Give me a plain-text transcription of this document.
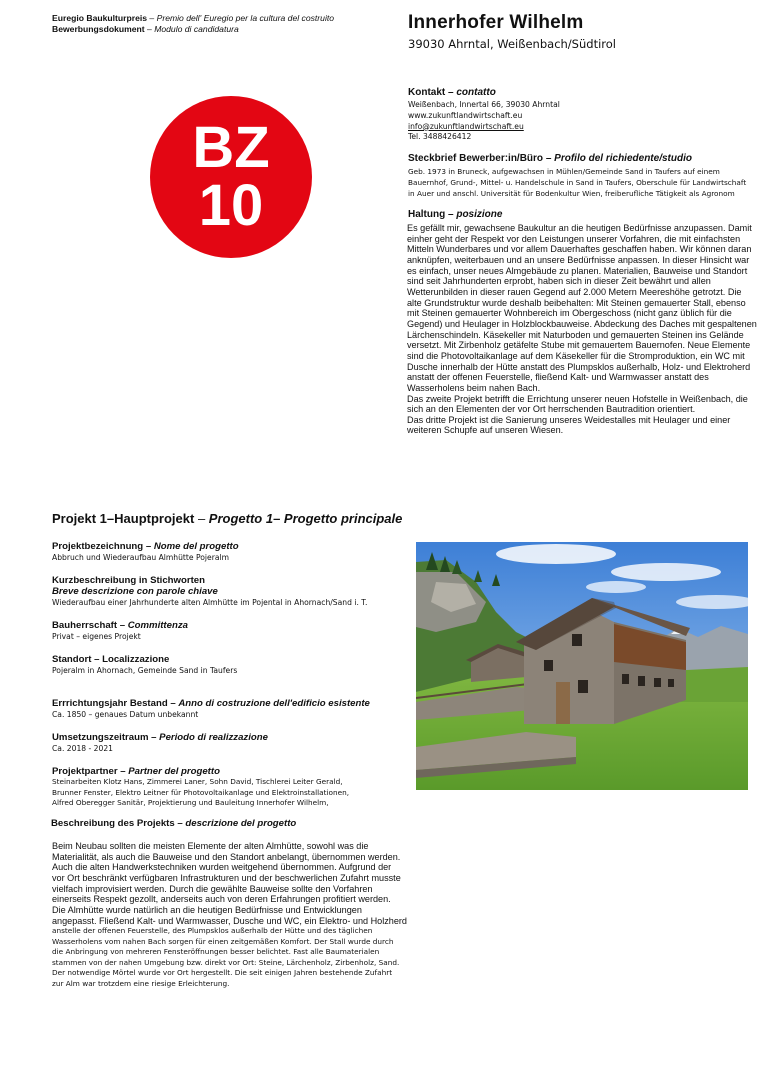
Euregio Baukulturpreis – Premio dell' Euregio per la cultura del costruito
Bewerbungsdokument – Modulo di candidatura	Innerhofer Wilhelm
39030 Ahrntal, Weißenbach/Südtirol
BZ
10
Kontakt – contatto
Weißenbach, Innertal 66, 39030 Ahrntal
www.zukunftlandwirtschaft.eu
info@zukunftlandwirtschaft.eu
Tel. 3488426412
Steckbrief Bewerber:in/Büro – Profilo del richiedente/studio
Geb. 1973 in Bruneck, aufgewachsen in Mühlen/Gemeinde Sand in Taufers auf einem
Bauernhof, Grund-, Mittel- u. Handelschule in Sand in Taufers, Oberschule für Landwirtschaft
in Auer und anschl. Universität für Bodenkultur Wien, freiberufliche Tätigkeit als Agronom
Haltung – posizione
Es gefällt mir, gewachsene Baukultur an die heutigen Bedürfnisse anzupassen. Damit
einher geht der Respekt vor den Leistungen unserer Vorfahren, die mit einfachsten
Mitteln Wunderbares und vor allem Dauerhaftes geschaffen haben. Wir können daran
anknüpfen, weiterbauen und an unsere Bedürfnisse anpassen. In dieser Hinsicht war
es einfach, unser neues Almgebäude zu planen. Materialien, Bauweise und Standort
sind seit Jahrhunderten erprobt, haben sich in dieser Zeit bewährt und allen
Wetterunbilden in dieser rauen Gegend auf 2.000 Metern Meereshöhe getrotzt. Die
alte Grundstruktur wurde deshalb beibehalten: Mit Steinen gemauerter Stall, ebenso
mit Steinen gemauerter Wohnbereich im Obergeschoss (nicht ganz üblich für die
Gegend) und Heulager in Holzblockbauweise. Abdeckung des Daches mit gespaltenen
Lärchenschindeln. Käsekeller mit Naturboden und gemauerten Steinen ins Gelände
versetzt. Mit Zirbenholz getäfelte Stube mit gemauertem Bauernofen. Neue Elemente
sind die Photovoltaikanlage auf dem Käsekeller für die Stromproduktion, ein WC mit
Dusche innerhalb der Hütte anstatt des Plumpsklos außerhalb, Holz- und Elektroherd
anstatt der offenen Feuerstelle, fließend Kalt- und Warmwasser anstatt des
Wasserholens beim nahen Bach.
Das zweite Projekt betrifft die Errichtung unserer neuen Hofstelle in Weißenbach, die
sich an den Elementen der vor Ort herrschenden Bautradition orientiert.
Das dritte Projekt ist die Sanierung unseres Weidestalles mit Heulager und einer
weiteren Schupfe auf unseren Wiesen.
Projekt 1–Hauptprojekt – Progetto 1– Progetto principale
Projektbezeichnung – Nome del progetto
Abbruch und Wiederaufbau Almhütte Pojeralm
Kurzbeschreibung in Stichworten
Breve descrizione con parole chiave
Wiederaufbau einer Jahrhunderte alten Almhütte im Pojental in Ahornach/Sand i. T.
Bauherrschaft – Committenza
Privat – eigenes Projekt
Standort – Localizzazione
Pojeralm in Ahornach, Gemeinde Sand in Taufers
Errrichtungsjahr Bestand – Anno di costruzione dell'edificio esistente
Ca. 1850 – genaues Datum unbekannt
Umsetzungszeitraum – Periodo di realizzazione
Ca. 2018 - 2021
Projektpartner – Partner del progetto
Steinarbeiten Klotz Hans, Zimmerei Laner, Sohn David, Tischlerei Leiter Gerald,
Brunner Fenster, Elektro Leitner für Photovoltaikanlage und Elektroinstallationen,
Alfred Oberegger Sanitär, Projektierung und Bauleitung Innerhofer Wilhelm,
Beschreibung des Projekts – descrizione del progetto
Beim Neubau sollten die meisten Elemente der alten Almhütte, sowohl was die
Materialität, als auch die Bauweise und den Standort anbelangt, übernommen werden.
Auch die alten Handwerkstechniken wurden weitgehend übernommen. Aufgrund der
vor Ort beschränkt verfügbaren Infrastrukturen und der beschwerlichen Zufahrt musste
vielfach improvisiert werden. Durch die gewählte Bauweise sollte den Vorfahren
einerseits Respekt gezollt, anderseits auch von deren Erfahrungen profitiert werden.
Die Almhütte wurde natürlich an die heutigen Bedürfnisse und Entwicklungen
angepasst. Fließend Kalt- und Warmwasser, Dusche und WC, ein Elektro- und Holzherd
anstelle der offenen Feuerstelle, des Plumpsklos außerhalb der Hütte und des täglichen
Wasserholens vom nahen Bach sorgen für einen zeitgemäßen Komfort. Der Stall wurde durch
die Anbringung von mehreren Fensteröffnungen besser belichtet. Fast alle Baumaterialen
stammen von der nahen Umgebung bzw. direkt vor Ort: Steine, Lärchenholz, Zirbenholz, Sand.
Der notwendige Mörtel wurde vor Ort hergestellt. Die seit einigen Jahren bestehende Zufahrt
zur Alm war trotzdem eine riesige Erleichterung.
